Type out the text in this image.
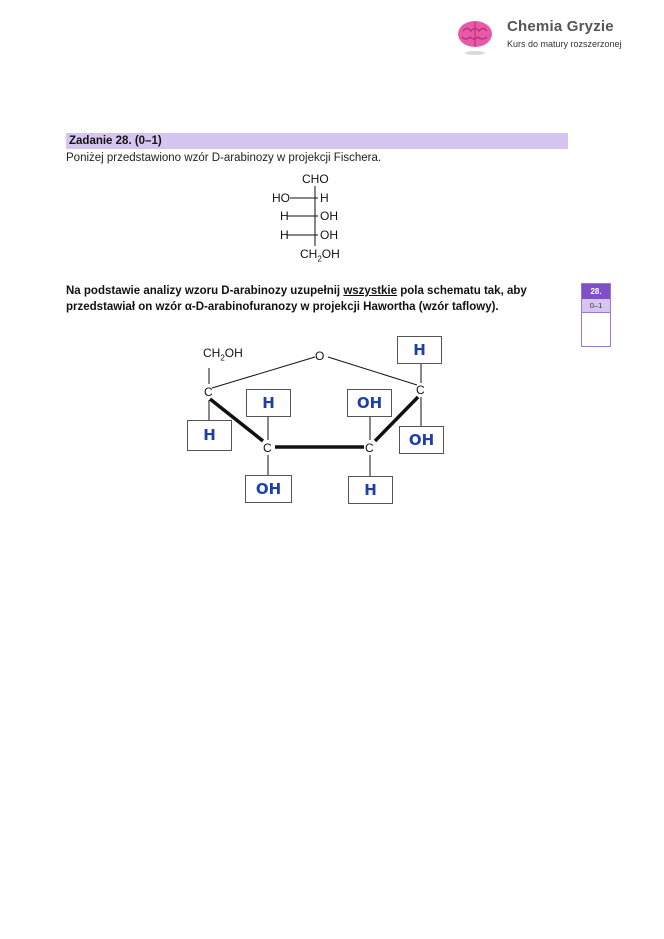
Chemia Gryzie
Kurs do matury rozszerzonej
Zadanie 28. (0–1)
Poniżej przedstawiono wzór D-arabinozy w projekcji Fischera.
CHO
HO	H
H	OH
H	OH
$CH_2OH$
Na podstawie analizy wzoru D-arabinozy uzupełnij wszystkie pola schematu tak, aby przedstawiał on wzór α-D-arabinofuranozy w projekcji Hawortha (wzór taflowy).
28.
0–1
$CH_2OH$	O
C
C	C
C
H
OH
H
H	OH
OH	H
